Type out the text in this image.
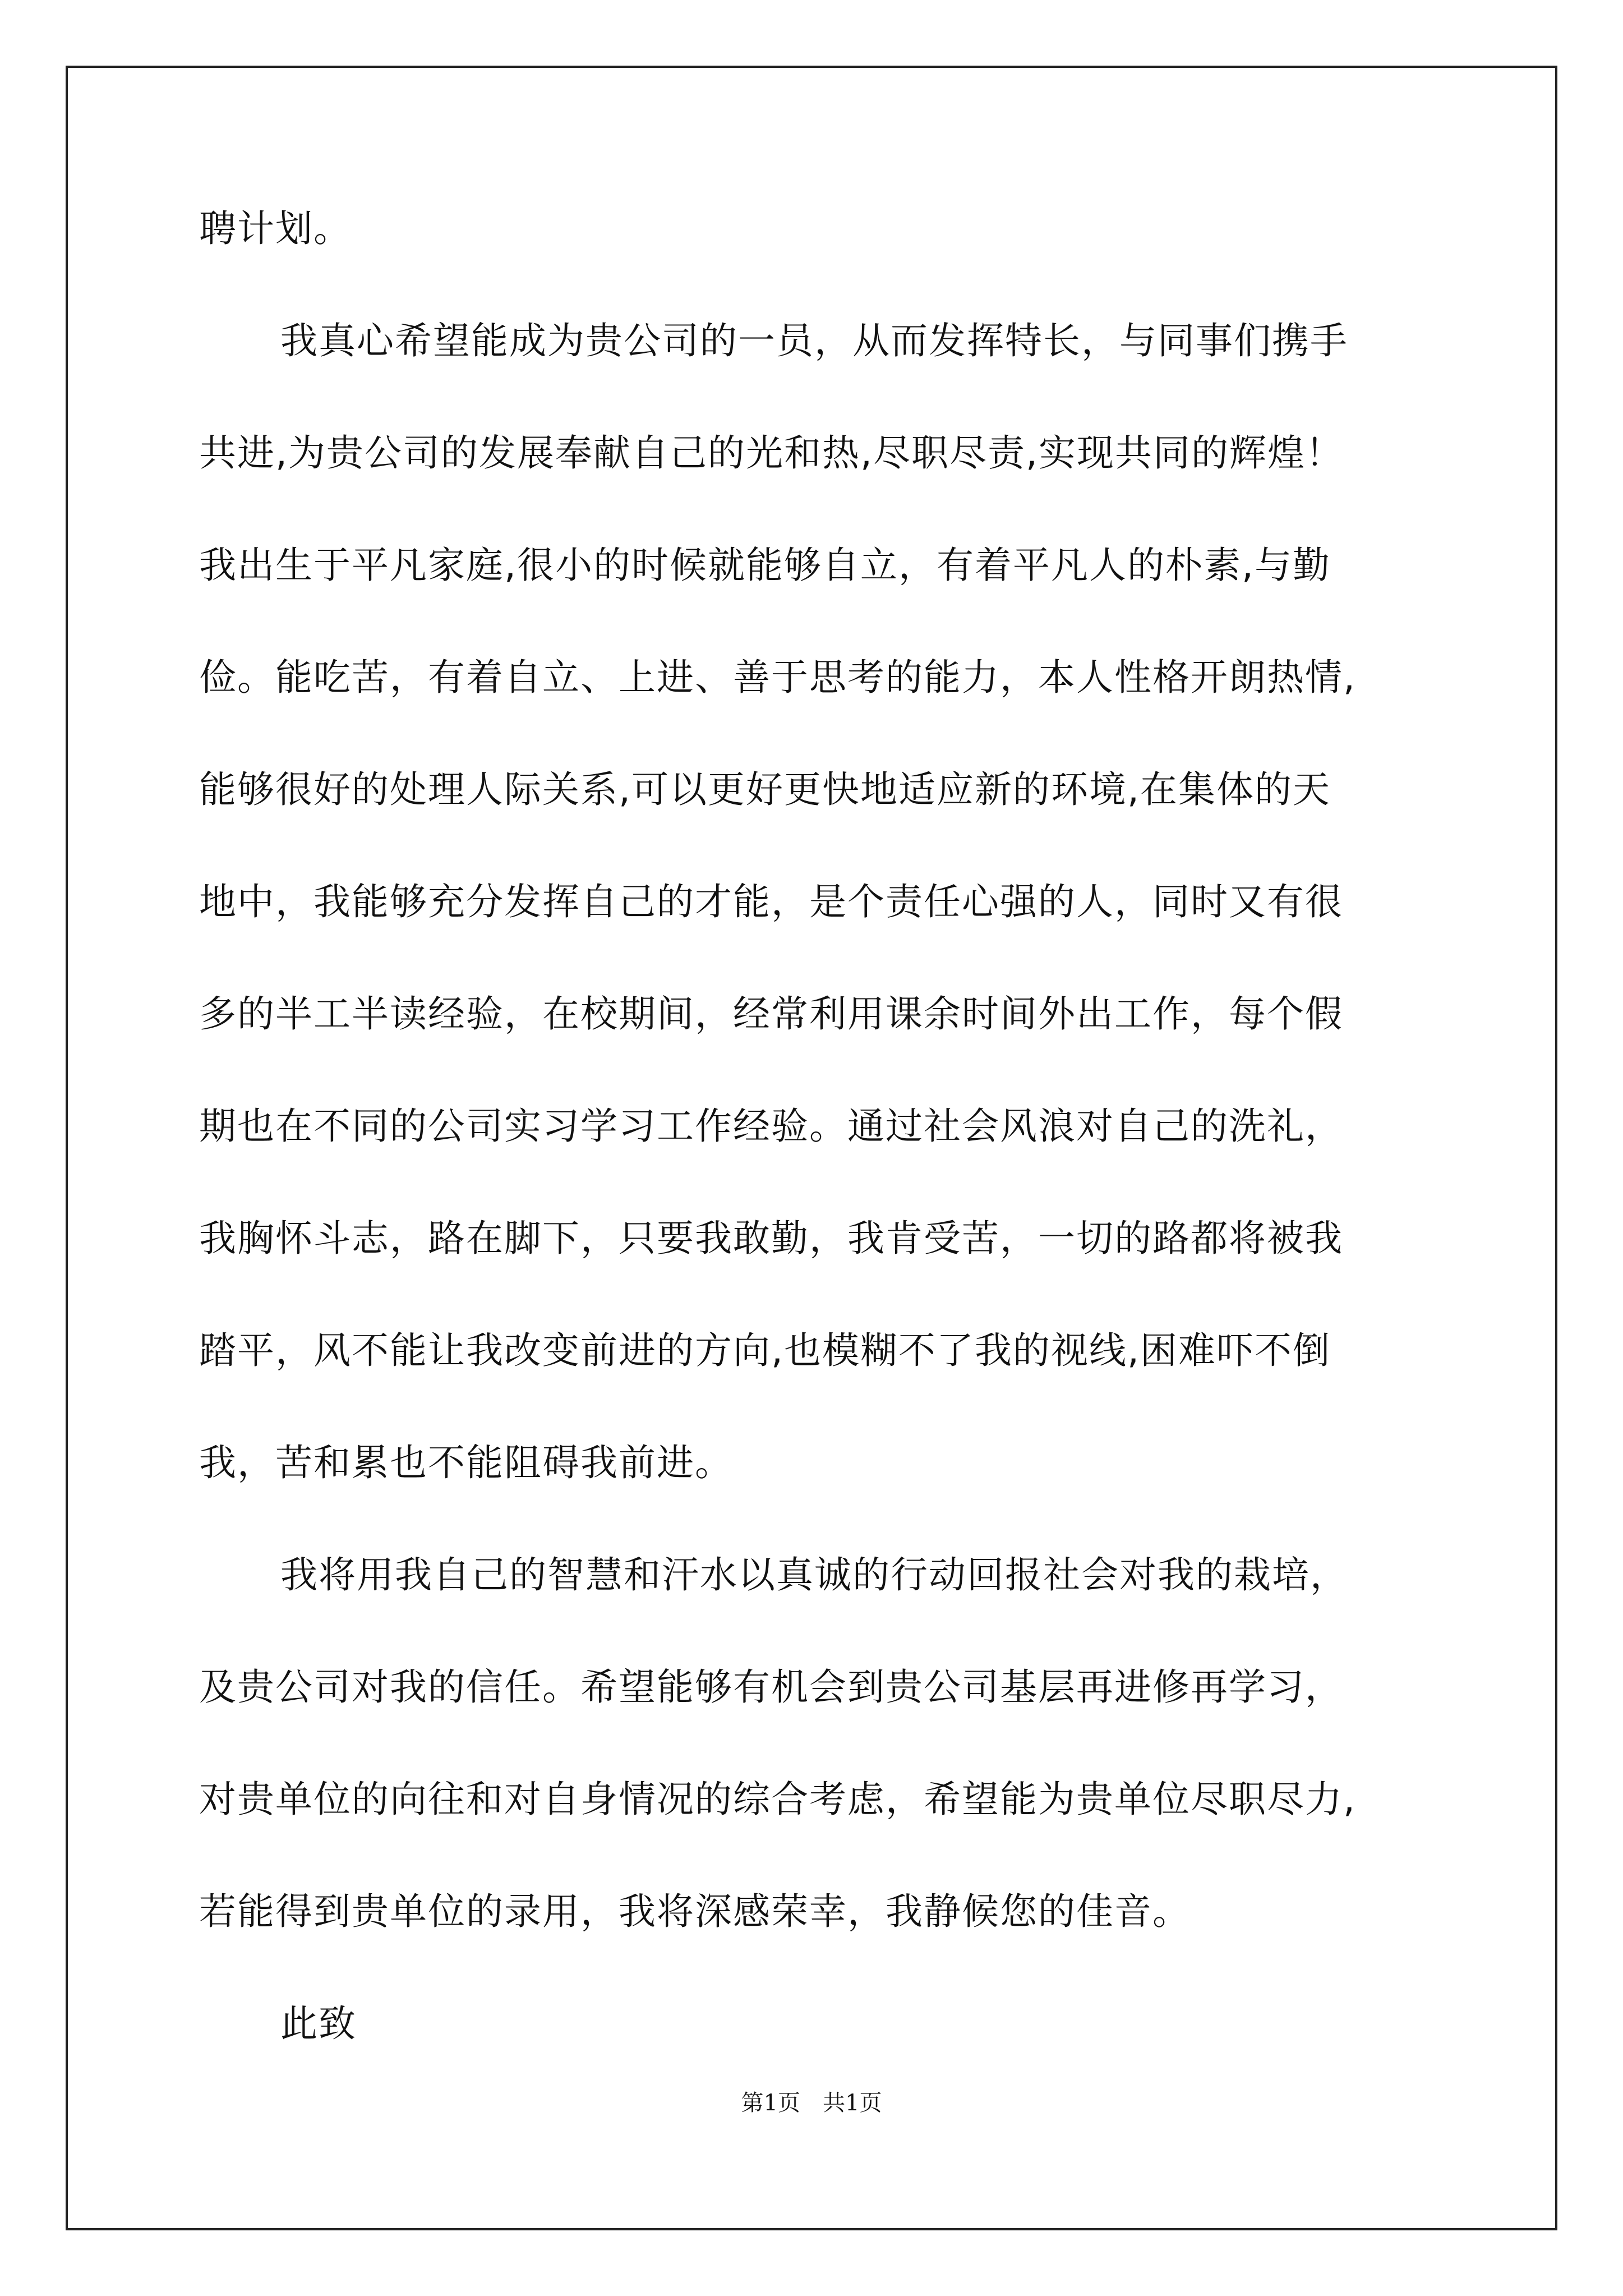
聘计划。
我真心希望能成为贵公司的一员，从而发挥特长，与同事们携手
共进,为贵公司的发展奉献自己的光和热,尽职尽责,实现共同的辉煌！
我出生于平凡家庭,很小的时候就能够自立，有着平凡人的朴素,与勤
俭。能吃苦，有着自立、上进、善于思考的能力，本人性格开朗热情,
能够很好的处理人际关系,可以更好更快地适应新的环境,在集体的天
地中，我能够充分发挥自己的才能，是个责任心强的人，同时又有很
多的半工半读经验，在校期间，经常利用课余时间外出工作，每个假
期也在不同的公司实习学习工作经验。通过社会风浪对自己的洗礼，
我胸怀斗志，路在脚下，只要我敢勤，我肯受苦，一切的路都将被我
踏平，风不能让我改变前进的方向,也模糊不了我的视线,困难吓不倒
我，苦和累也不能阻碍我前进。
我将用我自己的智慧和汗水以真诚的行动回报社会对我的栽培，
及贵公司对我的信任。希望能够有机会到贵公司基层再进修再学习，
对贵单位的向往和对自身情况的综合考虑，希望能为贵单位尽职尽力,
若能得到贵单位的录用，我将深感荣幸，我静候您的佳音。
此致
第1页　共1页
